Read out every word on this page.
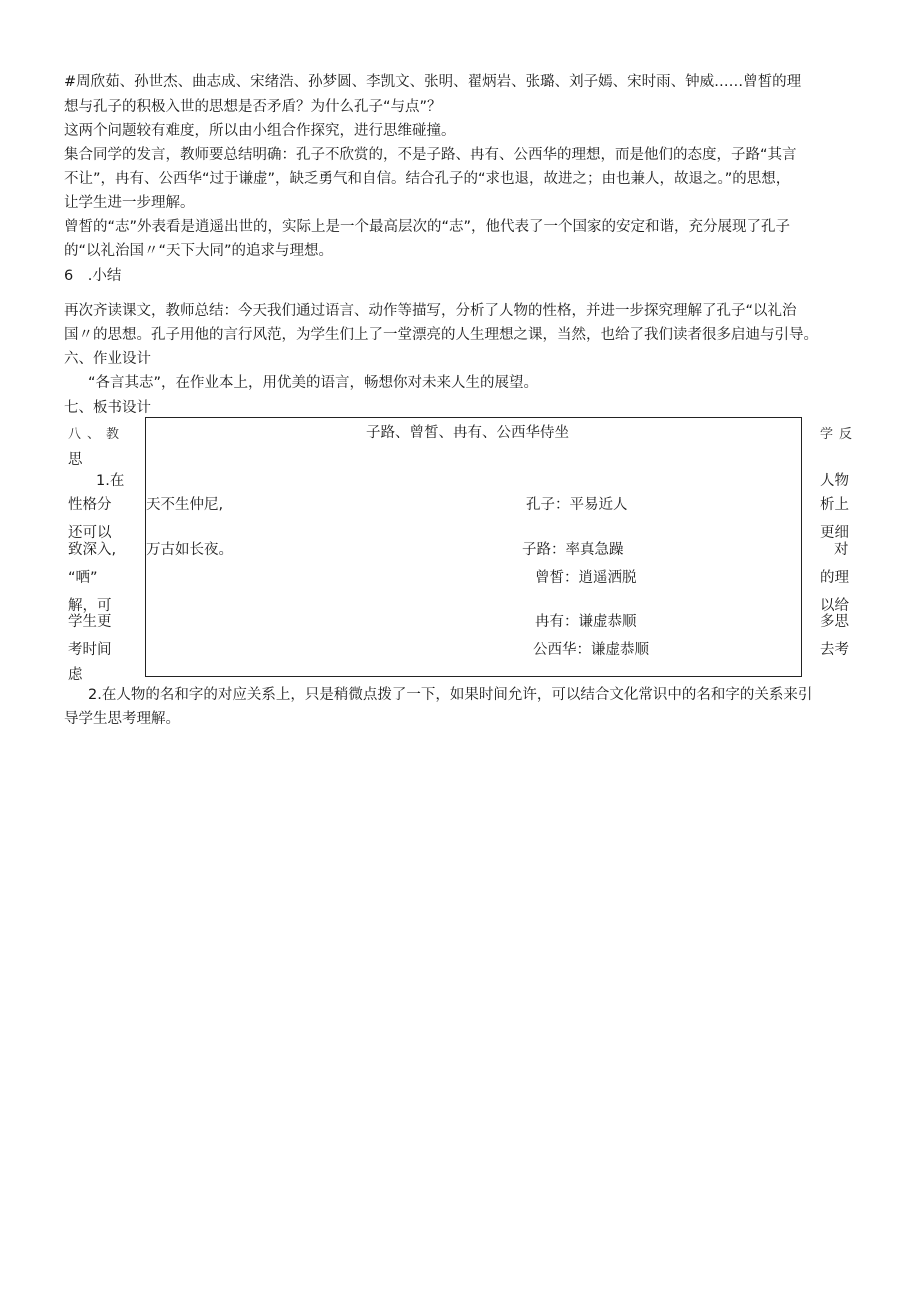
#周欣茹、孙世杰、曲志成、宋绪浩、孙梦圆、李凯文、张明、翟炳岩、张璐、刘子嫣、宋时雨、钟威……曾皙的理
想与孔子的积极入世的思想是否矛盾？为什么孔子“与点”？
这两个问题较有难度，所以由小组合作探究，进行思维碰撞。
集合同学的发言，教师要总结明确：孔子不欣赏的，不是子路、冉有、公西华的理想，而是他们的态度，子路“其言
不让”，冉有、公西华“过于谦虚”，缺乏勇气和自信。结合孔子的“求也退，故进之；由也兼人，故退之。”的思想，
让学生进一步理解。
曾皙的“志”外表看是逍遥出世的，实际上是一个最高层次的“志”，他代表了一个国家的安定和谐，充分展现了孔子
的“以礼治国〃“天下大同”的追求与理想。
6　.小结
再次齐读课文，教师总结：今天我们通过语言、动作等描写，分析了人物的性格，并进一步探究理解了孔子“以礼治
国〃的思想。孔子用他的言行风范，为学生们上了一堂漂亮的人生理想之课，当然，也给了我们读者很多启迪与引导。
六、作业设计
“各言其志”，在作业本上，用优美的语言，畅想你对未来人生的展望。
七、板书设计
子路、曾皙、冉有、公西华侍坐
天不生仲尼,
万古如长夜。
孔子：平易近人
子路：率真急躁
曾皙：逍遥洒脱
冉有：谦虚恭顺
公西华：谦虚恭顺
八、教
思
1.在
性格分
还可以
致深入,
“哂”
解，可
学生更
考时间
虑
学反
人物
析上
更细
对
的理
以给
多思
去考
2.在人物的名和字的对应关系上，只是稍微点拨了一下，如果时间允许，可以结合文化常识中的名和字的关系来引
导学生思考理解。
